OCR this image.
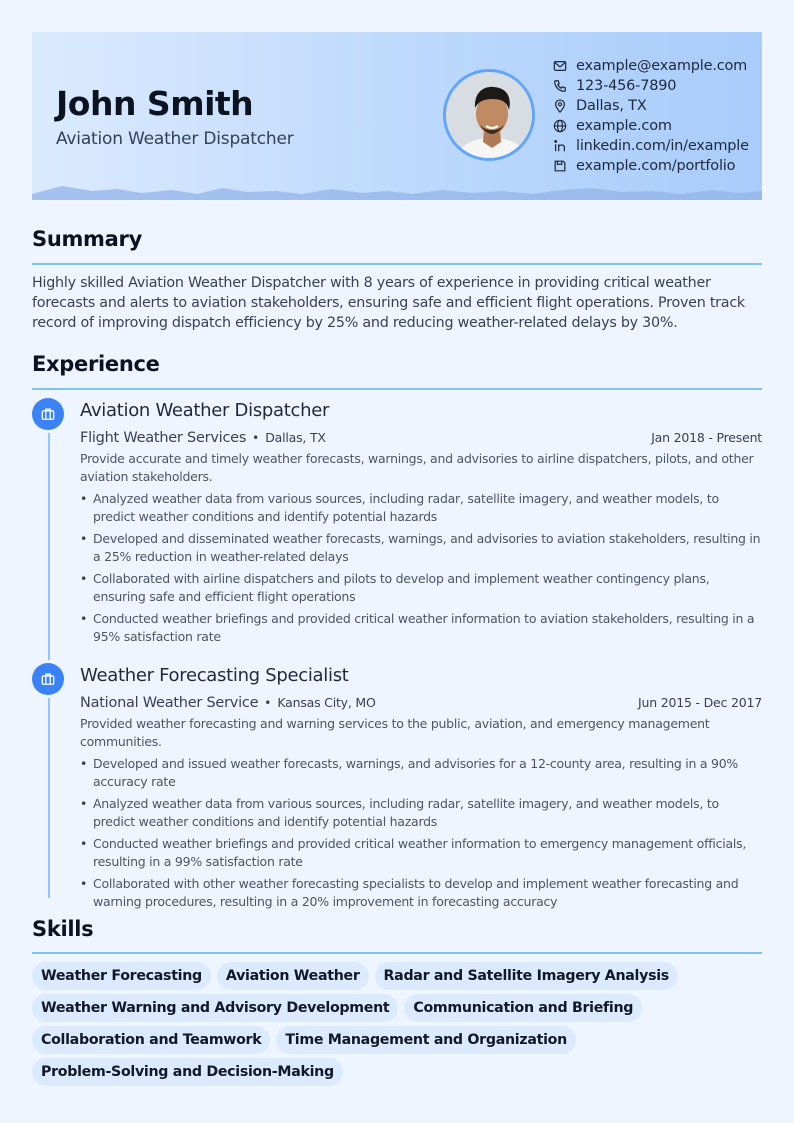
John Smith
Aviation Weather Dispatcher
example@example.com
123-456-7890
Dallas, TX
example.com
linkedin.com/in/example
example.com/portfolio
Summary
Highly skilled Aviation Weather Dispatcher with 8 years of experience in providing critical weather forecasts and alerts to aviation stakeholders, ensuring safe and efficient flight operations. Proven track record of improving dispatch efficiency by 25% and reducing weather-related delays by 30%.
Experience
Aviation Weather Dispatcher
Flight Weather Services • Dallas, TX	Jan 2018 - Present
Provide accurate and timely weather forecasts, warnings, and advisories to airline dispatchers, pilots, and other aviation stakeholders.
• Analyzed weather data from various sources, including radar, satellite imagery, and weather models, to predict weather conditions and identify potential hazards
• Developed and disseminated weather forecasts, warnings, and advisories to aviation stakeholders, resulting in a 25% reduction in weather-related delays
• Collaborated with airline dispatchers and pilots to develop and implement weather contingency plans, ensuring safe and efficient flight operations
• Conducted weather briefings and provided critical weather information to aviation stakeholders, resulting in a 95% satisfaction rate
Weather Forecasting Specialist
National Weather Service • Kansas City, MO	Jun 2015 - Dec 2017
Provided weather forecasting and warning services to the public, aviation, and emergency management communities.
• Developed and issued weather forecasts, warnings, and advisories for a 12-county area, resulting in a 90% accuracy rate
• Analyzed weather data from various sources, including radar, satellite imagery, and weather models, to predict weather conditions and identify potential hazards
• Conducted weather briefings and provided critical weather information to emergency management officials, resulting in a 99% satisfaction rate
• Collaborated with other weather forecasting specialists to develop and implement weather forecasting and warning procedures, resulting in a 20% improvement in forecasting accuracy
Skills
Weather Forecasting	Aviation Weather	Radar and Satellite Imagery Analysis
Weather Warning and Advisory Development	Communication and Briefing
Collaboration and Teamwork	Time Management and Organization
Problem-Solving and Decision-Making
